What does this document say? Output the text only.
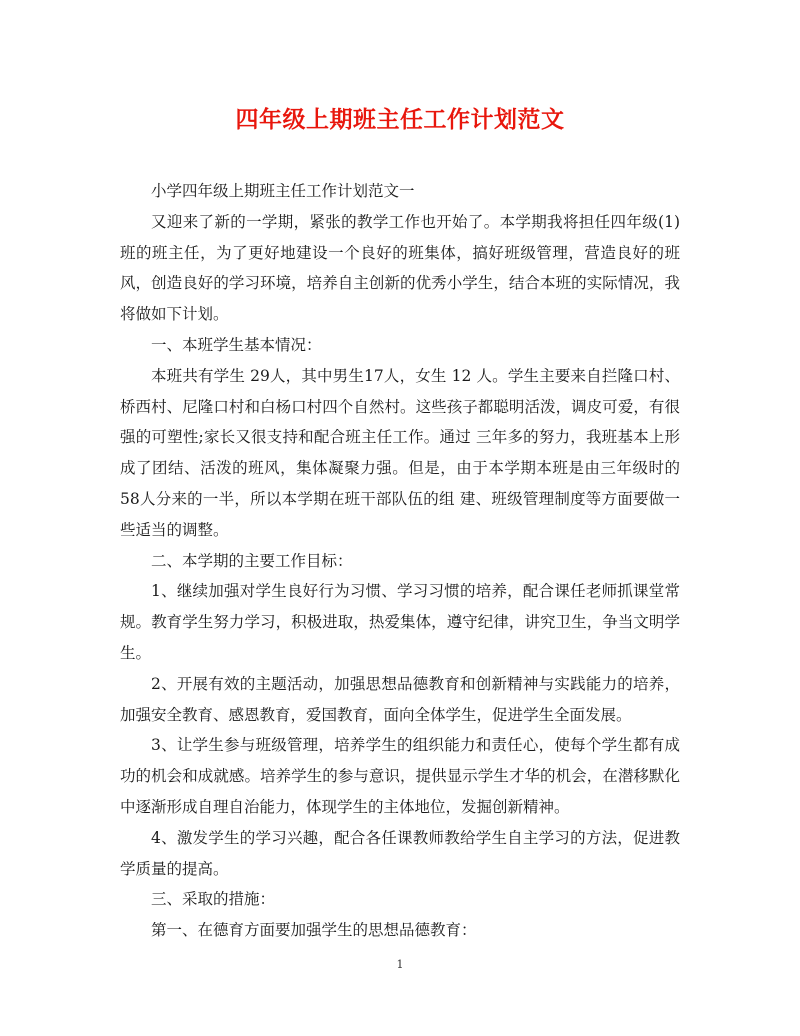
四年级上期班主任工作计划范文

小学四年级上期班主任工作计划范文一

又迎来了新的一学期，紧张的教学工作也开始了。本学期我将担任四年级(1)班的班主任，为了更好地建设一个良好的班集体，搞好班级管理，营造良好的班风，创造良好的学习环境，培养自主创新的优秀小学生，结合本班的实际情况，我将做如下计划。

一、本班学生基本情况：

本班共有学生 29人，其中男生17人，女生 12 人。学生主要来自拦隆口村、桥西村、尼隆口村和白杨口村四个自然村。这些孩子都聪明活泼，调皮可爱，有很强的可塑性;家长又很支持和配合班主任工作。通过 三年多的努力，我班基本上形成了团结、活泼的班风，集体凝聚力强。但是，由于本学期本班是由三年级时的58人分来的一半，所以本学期在班干部队伍的组 建、班级管理制度等方面要做一些适当的调整。

二、本学期的主要工作目标：

1、继续加强对学生良好行为习惯、学习习惯的培养，配合课任老师抓课堂常规。教育学生努力学习，积极进取，热爱集体，遵守纪律，讲究卫生，争当文明学生。

2、开展有效的主题活动，加强思想品德教育和创新精神与实践能力的培养，加强安全教育、感恩教育，爱国教育，面向全体学生，促进学生全面发展。

3、让学生参与班级管理，培养学生的组织能力和责任心，使每个学生都有成功的机会和成就感。培养学生的参与意识，提供显示学生才华的机会，在潜移默化中逐渐形成自理自治能力，体现学生的主体地位，发掘创新精神。

4、激发学生的学习兴趣，配合各任课教师教给学生自主学习的方法，促进教学质量的提高。

三、采取的措施：

第一、在德育方面要加强学生的思想品德教育：

1
